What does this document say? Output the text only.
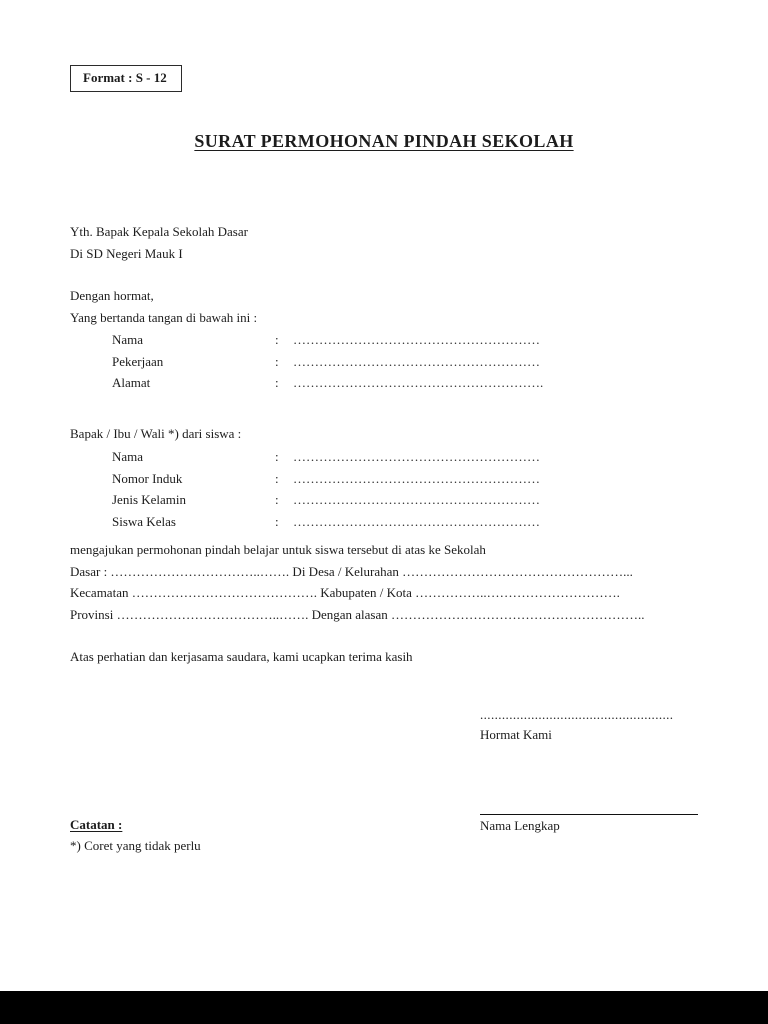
Format : S - 12
SURAT PERMOHONAN PINDAH SEKOLAH
Yth. Bapak Kepala Sekolah Dasar
Di SD Negeri Mauk I
Dengan hormat,
Yang bertanda tangan di bawah ini :
Nama	:	…………………………………………………
Pekerjaan	:	…………………………………………………
Alamat	:	………………………………………………….
Bapak / Ibu / Wali *) dari siswa :
Nama	:	…………………………………………………
Nomor Induk	:	…………………………………………………
Jenis Kelamin	:	…………………………………………………
Siswa Kelas	:	…………………………………………………
mengajukan permohonan pindah belajar untuk siswa tersebut di atas ke Sekolah
Dasar : ……………………………..……. Di Desa / Kelurahan ……………………………………………...
Kecamatan ……………………………………. Kabupaten / Kota ……………..………………………….
Provinsi ………………………………..……. Dengan alasan …………………………………………………..
Atas perhatian dan kerjasama saudara, kami ucapkan terima kasih
.....................................................
Hormat Kami
Nama Lengkap
Catatan :
*) Coret yang tidak perlu
